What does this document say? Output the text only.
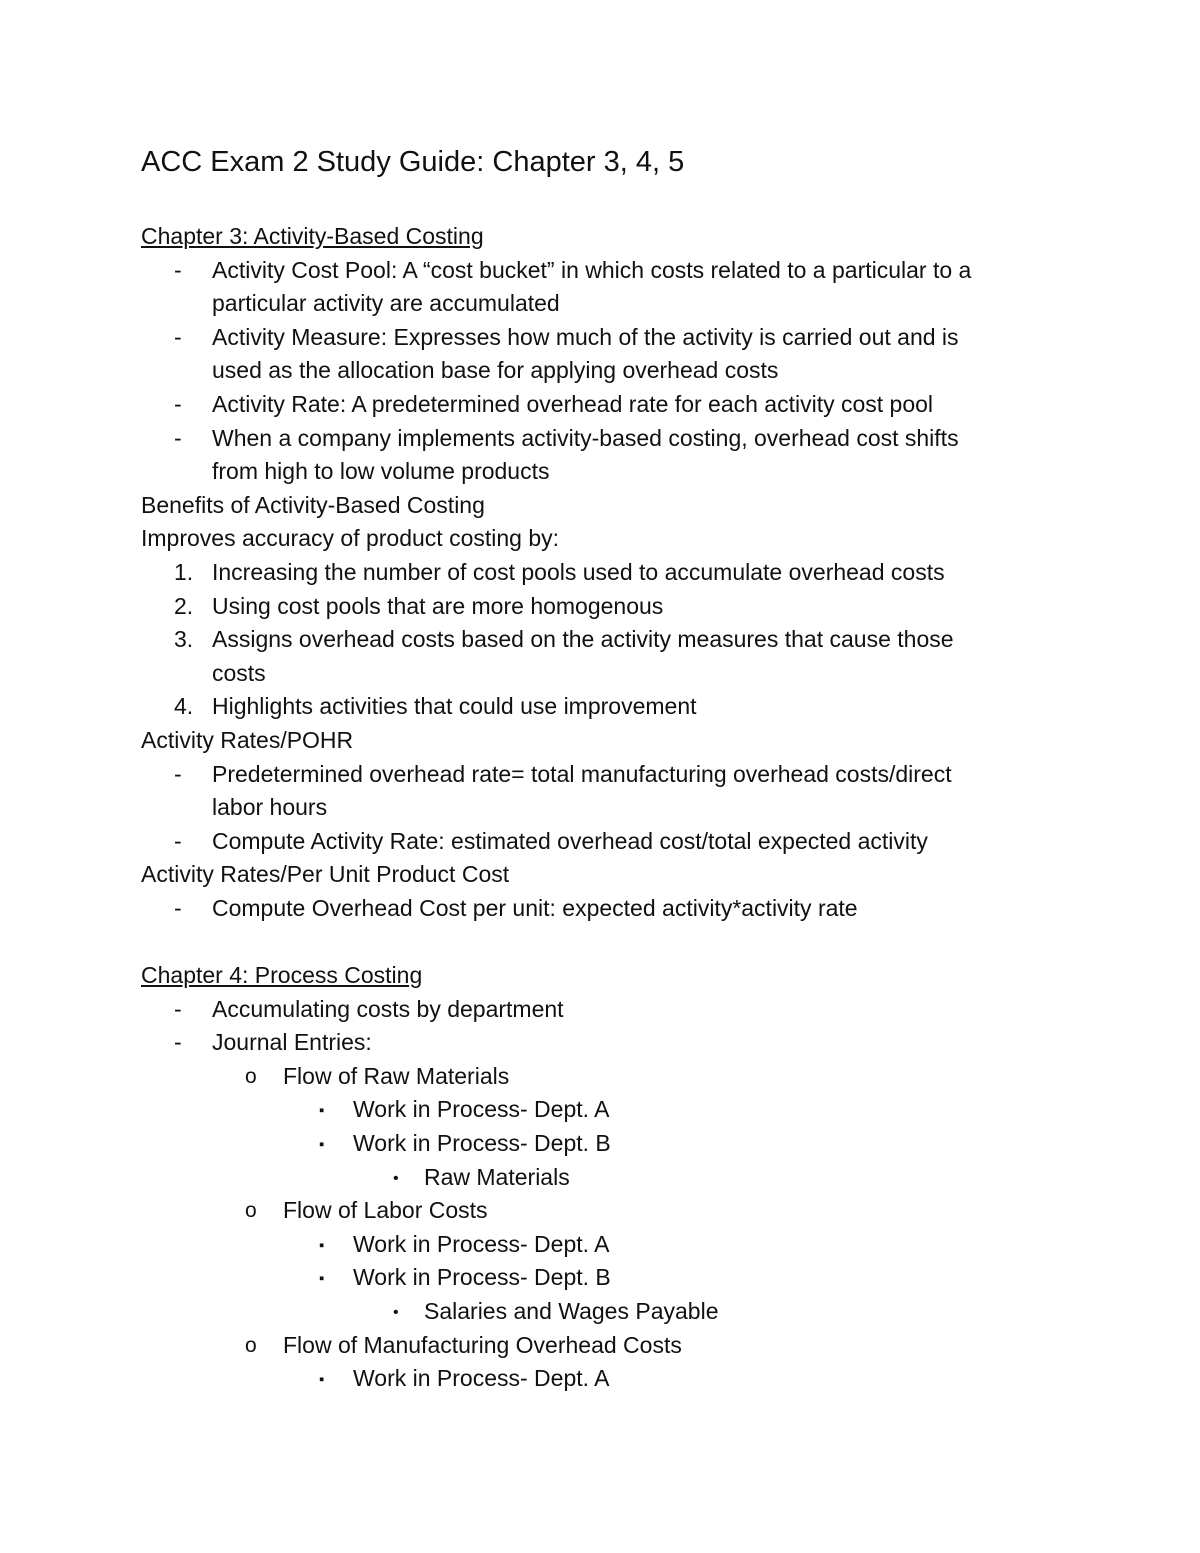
ACC Exam 2 Study Guide: Chapter 3, 4, 5
Chapter 3: Activity-Based Costing
- Activity Cost Pool: A “cost bucket” in which costs related to a particular to a
particular activity are accumulated
- Activity Measure: Expresses how much of the activity is carried out and is
used as the allocation base for applying overhead costs
- Activity Rate: A predetermined overhead rate for each activity cost pool
- When a company implements activity-based costing, overhead cost shifts
from high to low volume products
Benefits of Activity-Based Costing
Improves accuracy of product costing by:
1. Increasing the number of cost pools used to accumulate overhead costs
2. Using cost pools that are more homogenous
3. Assigns overhead costs based on the activity measures that cause those
costs
4. Highlights activities that could use improvement
Activity Rates/POHR
- Predetermined overhead rate= total manufacturing overhead costs/direct
labor hours
- Compute Activity Rate: estimated overhead cost/total expected activity
Activity Rates/Per Unit Product Cost
- Compute Overhead Cost per unit: expected activity*activity rate
Chapter 4: Process Costing
- Accumulating costs by department
- Journal Entries:
o Flow of Raw Materials
▪ Work in Process- Dept. A
▪ Work in Process- Dept. B
• Raw Materials
o Flow of Labor Costs
▪ Work in Process- Dept. A
▪ Work in Process- Dept. B
• Salaries and Wages Payable
o Flow of Manufacturing Overhead Costs
▪ Work in Process- Dept. A
